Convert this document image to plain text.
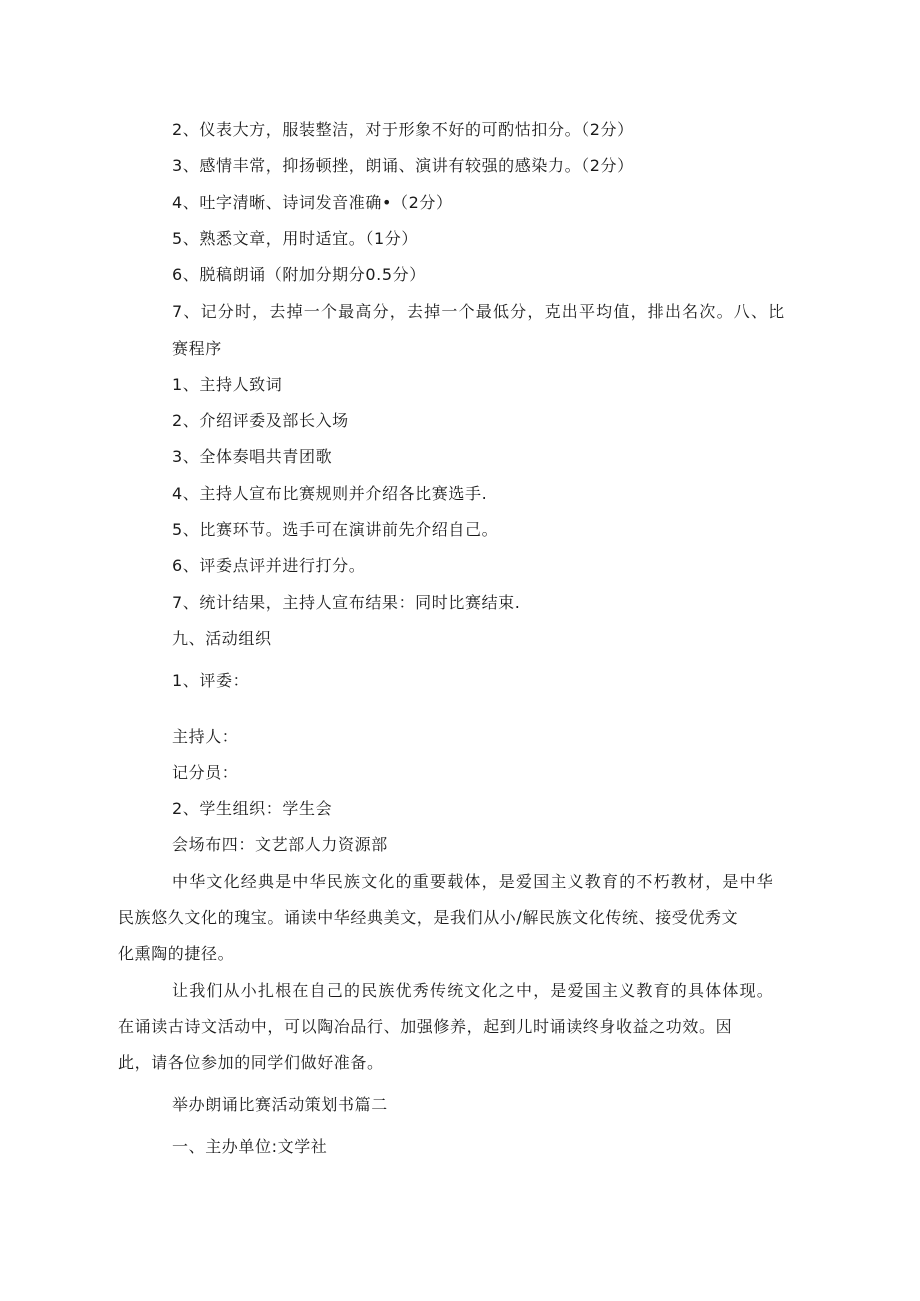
2、仪表大方，服装整洁，对于形象不好的可酌怙扣分。（2分）
3、感情丰常，抑扬顿挫，朗诵、演讲有较强的感染力。（2分）
4、吐字清晰、诗词发音准确•（2分）
5、熟悉文章，用时适宜。（1分）
6、脱稿朗诵（附加分期分0.5分）
7、记分时，去掉一个最高分，去掉一个最低分，克出平均值，排出名次。八、比
赛程序
1、主持人致词
2、介绍评委及部长入场
3、全体奏唱共青团歌
4、主持人宣布比赛规则并介绍各比赛选手.
5、比赛环节。选手可在演讲前先介绍自己。
6、评委点评并进行打分。
7、统计结果，主持人宣布结果：同时比赛结束.
九、活动组织
1、评委：
主持人：
记分员：
2、学生组织：学生会
会场布四：文艺部人力资源部
中华文化经典是中华民族文化的重要载体，是爱国主义教育的不朽教材，是中华
民族悠久文化的瑰宝。诵读中华经典美文，是我们从小/解民族文化传统、接受优秀文
化熏陶的捷径。
让我们从小扎根在自己的民族优秀传统文化之中，是爱国主义教育的具体体现。
在诵读古诗文活动中，可以陶冶品行、加强修养，起到儿时诵读终身收益之功效。因
此，请各位参加的同学们做好准备。
举办朗诵比赛活动策划书篇二
一、主办单位:文学社
